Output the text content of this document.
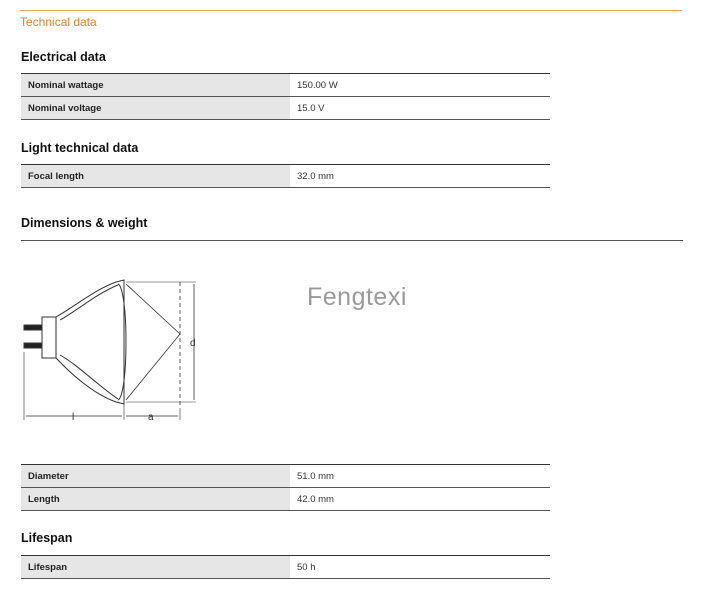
Technical data
Electrical data
Nominal wattage	150.00 W
Nominal voltage	15.0 V
Light technical data
Focal length	32.0 mm
Dimensions & weight
Fengtexi
d
l	a
Diameter	51.0 mm
Length	42.0 mm
Lifespan
Lifespan	50 h
